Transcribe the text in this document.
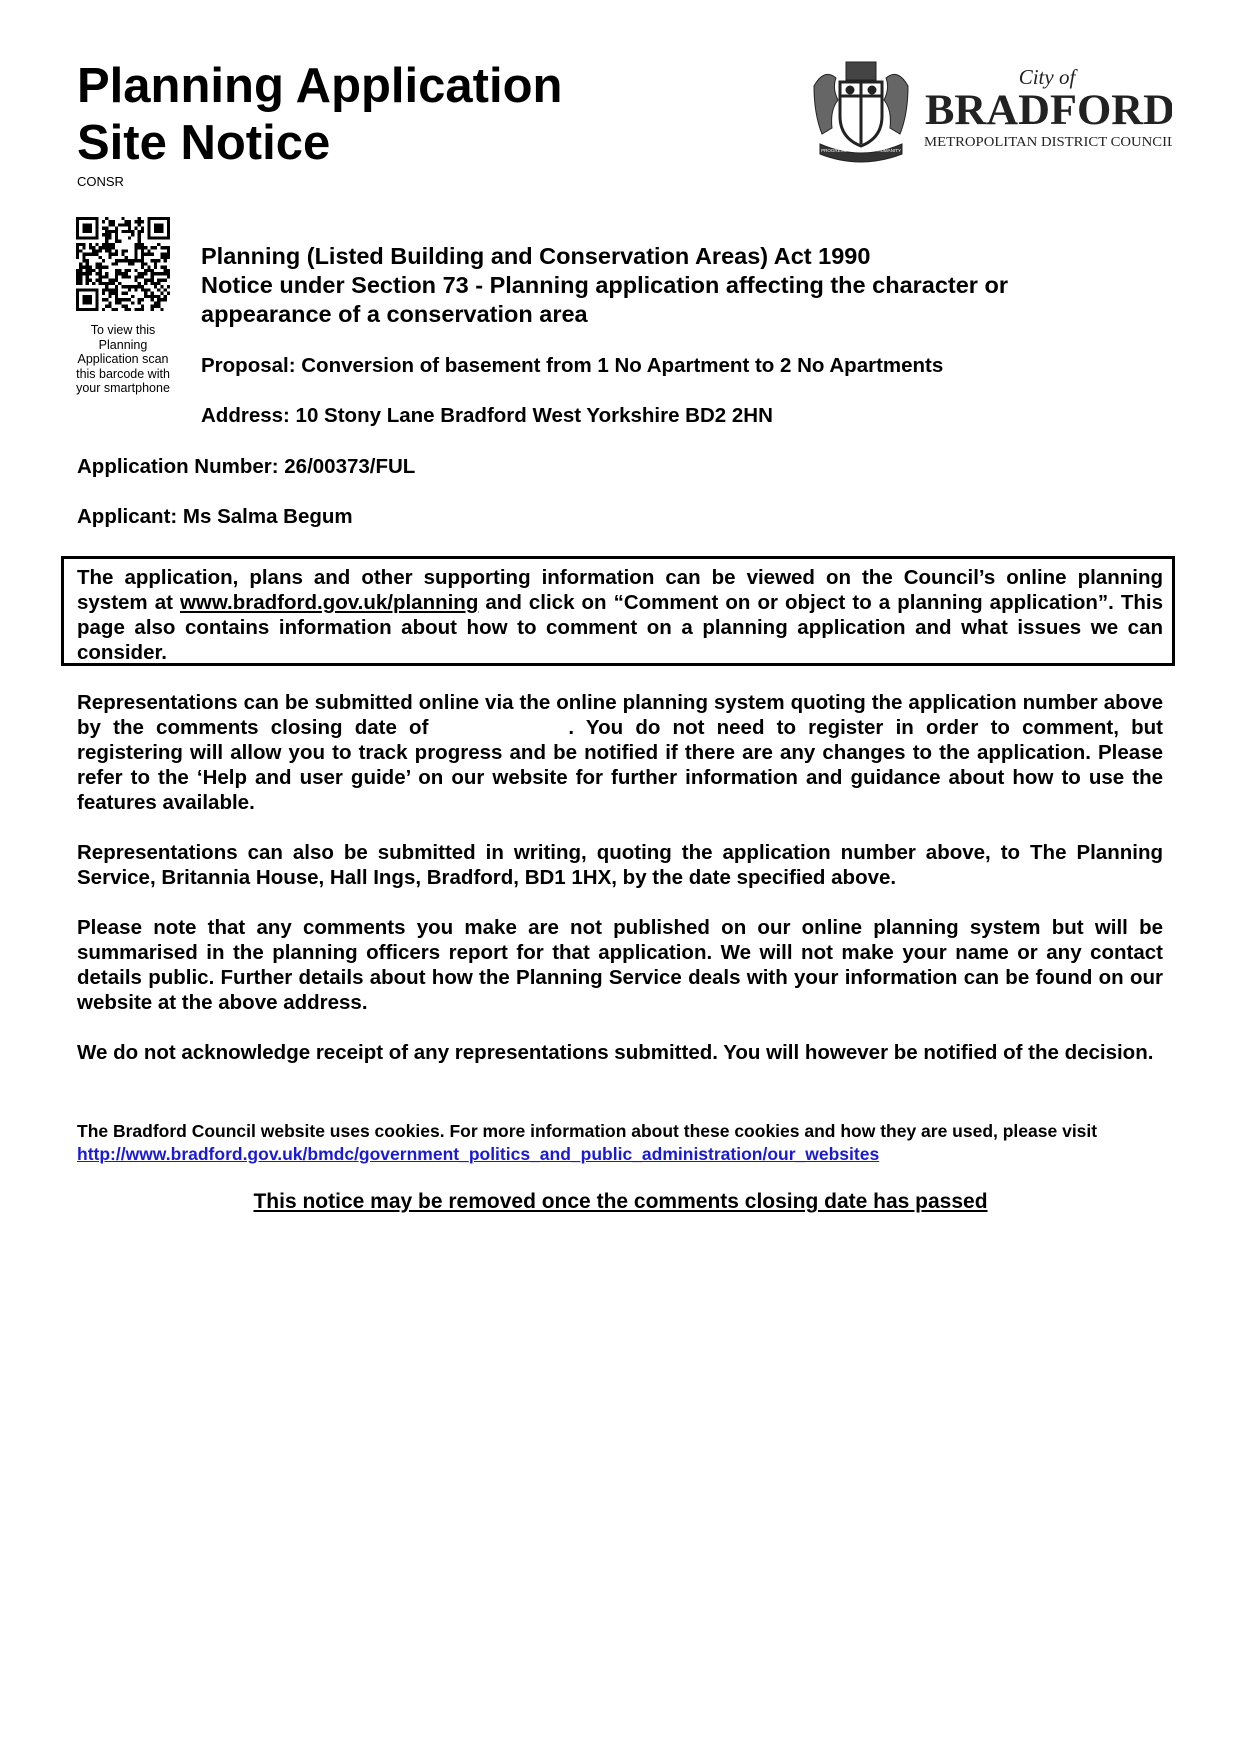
Planning Application
Site Notice
CONSR
PROGRESS · INDUSTRY · HUMANITY
City of
BRADFORD
METROPOLITAN DISTRICT COUNCIL
To view this Planning Application scan this barcode with your smartphone
Planning (Listed Building and Conservation Areas) Act 1990
Notice under Section 73 - Planning application affecting the character or appearance of a conservation area
Proposal: Conversion of basement from 1 No Apartment to 2 No Apartments
Address: 10 Stony Lane Bradford West Yorkshire BD2 2HN
Application Number: 26/00373/FUL
Applicant: Ms Salma Begum
The application, plans and other supporting information can be viewed on the Council’s online planning system at www.bradford.gov.uk/planning and click on “Comment on or object to a planning application”. This page also contains information about how to comment on a planning application and what issues we can consider.
Representations can be submitted online via the online planning system quoting the application number above by the comments closing date of	. You do not need to register in order to comment, but registering will allow you to track progress and be notified if there are any changes to the application. Please refer to the ‘Help and user guide’ on our website for further information and guidance about how to use the features available.
Representations can also be submitted in writing, quoting the application number above, to The Planning Service, Britannia House, Hall Ings, Bradford, BD1 1HX, by the date specified above.
Please note that any comments you make are not published on our online planning system but will be summarised in the planning officers report for that application. We will not make your name or any contact details public. Further details about how the Planning Service deals with your information can be found on our website at the above address.
We do not acknowledge receipt of any representations submitted. You will however be notified of the decision.
The Bradford Council website uses cookies. For more information about these cookies and how they are used, please visit http://www.bradford.gov.uk/bmdc/government_politics_and_public_administration/our_websites
This notice may be removed once the comments closing date has passed
